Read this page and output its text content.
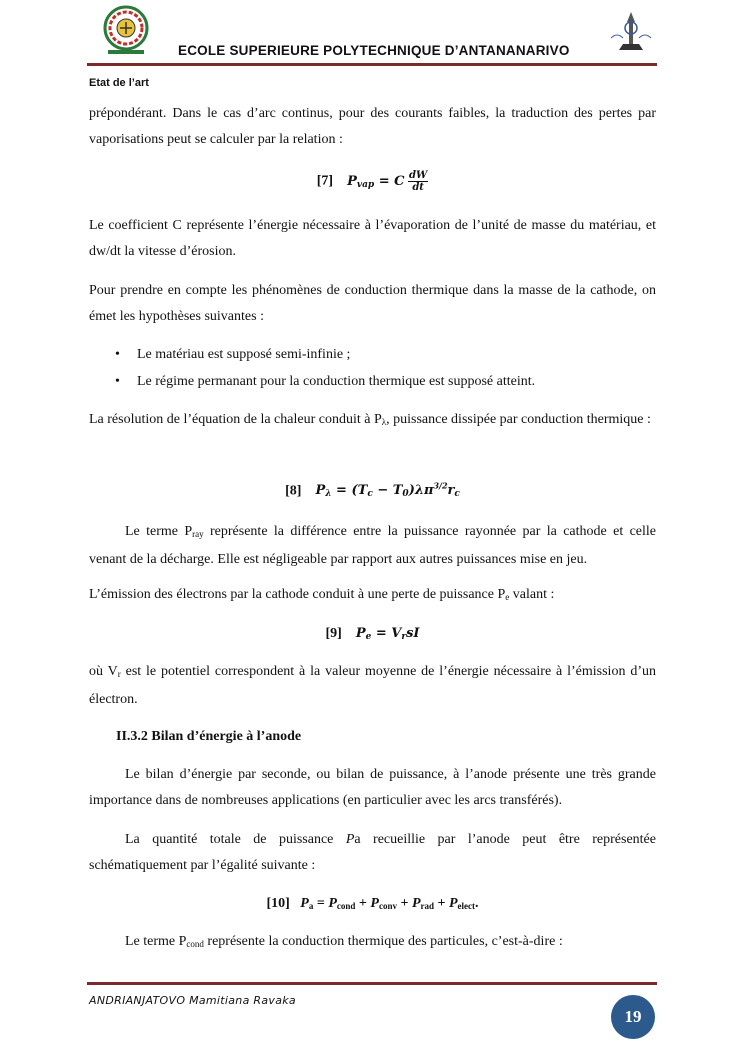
ECOLE SUPERIEURE POLYTECHNIQUE D’ANTANANARIVO
Etat de l’art

prépondérant. Dans le cas d’arc continus, pour des courants faibles, la traduction des pertes par vaporisations peut se calculer par la relation :

[7] $P_{vap} = C \frac{dW}{dt}$

Le coefficient C représente l’énergie nécessaire à l’évaporation de l’unité de masse du matériau, et dw/dt la vitesse d’érosion.

Pour prendre en compte les phénomènes de conduction thermique dans la masse de la cathode, on émet les hypothèses suivantes :

• Le matériau est supposé semi-infinie ;
• Le régime permanant pour la conduction thermique est supposé atteint.

La résolution de l’équation de la chaleur conduit à $P_\lambda$, puissance dissipée par conduction thermique :

[8] $P_\lambda = (T_c - T_0)\lambda\pi^{3/2}r_c$

Le terme $P_{ray}$ représente la différence entre la puissance rayonnée par la cathode et celle venant de la décharge. Elle est négligeable par rapport aux autres puissances mise en jeu.

L’émission des électrons par la cathode conduit à une perte de puissance $P_e$ valant :

[9] $P_e = V_rsI$

où $V_r$ est le potentiel correspondent à la valeur moyenne de l’énergie nécessaire à l’émission d’un électron.

II.3.2 Bilan d’énergie à l’anode

Le bilan d’énergie par seconde, ou bilan de puissance, à l’anode présente une très grande importance dans de nombreuses applications (en particulier avec les arcs transférés).

La quantité totale de puissance Pa recueillie par l’anode peut être représentée schématiquement par l’égalité suivante :

[10] $P_a = P_{cond} + P_{conv} + P_{rad} + P_{elect}$.

Le terme $P_{cond}$ représente la conduction thermique des particules, c’est-à-dire :

ANDRIANJATOVO Mamitiana Ravaka
19
